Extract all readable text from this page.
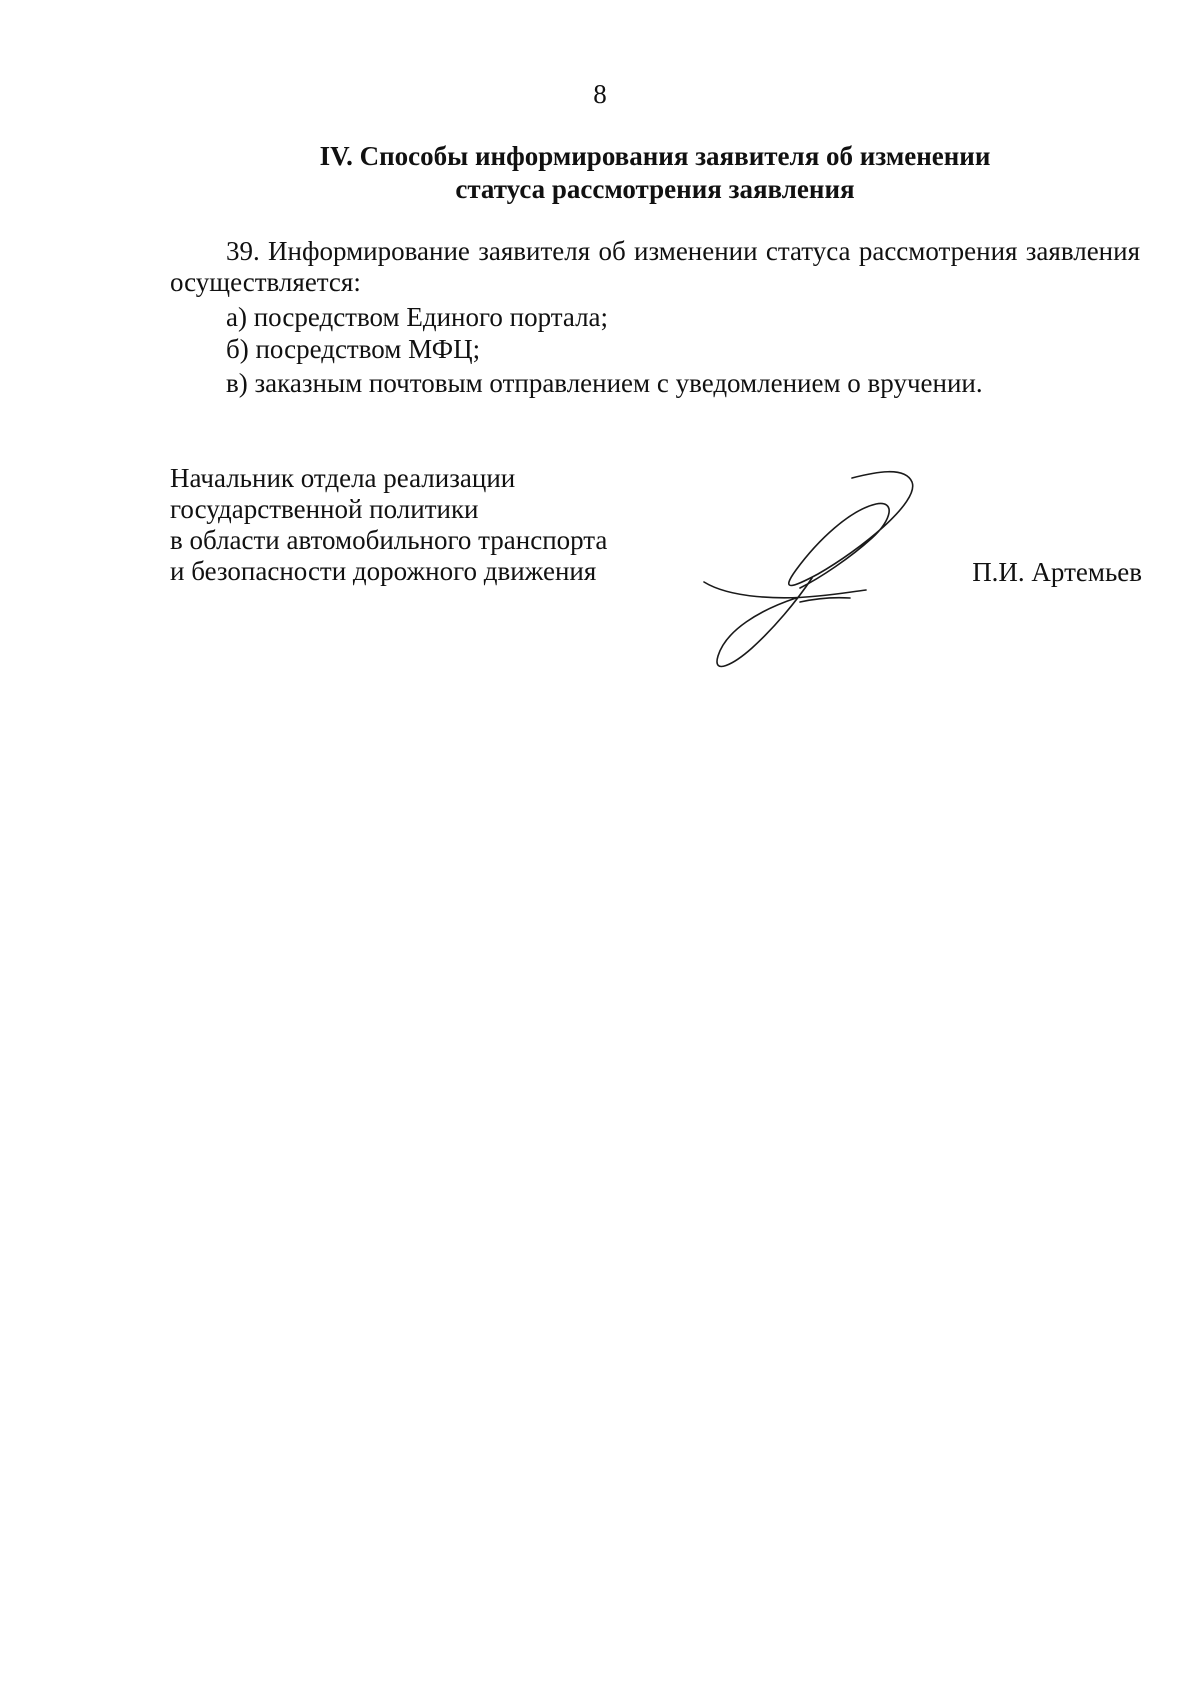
8
IV. Способы информирования заявителя об изменении
статуса рассмотрения заявления
39. Информирование заявителя об изменении статуса рассмотрения заявления осуществляется:
а) посредством Единого портала;
б) посредством МФЦ;
в) заказным почтовым отправлением с уведомлением о вручении.
Начальник отдела реализации
государственной политики
в области автомобильного транспорта
и безопасности дорожного движения	П.И. Артемьев
